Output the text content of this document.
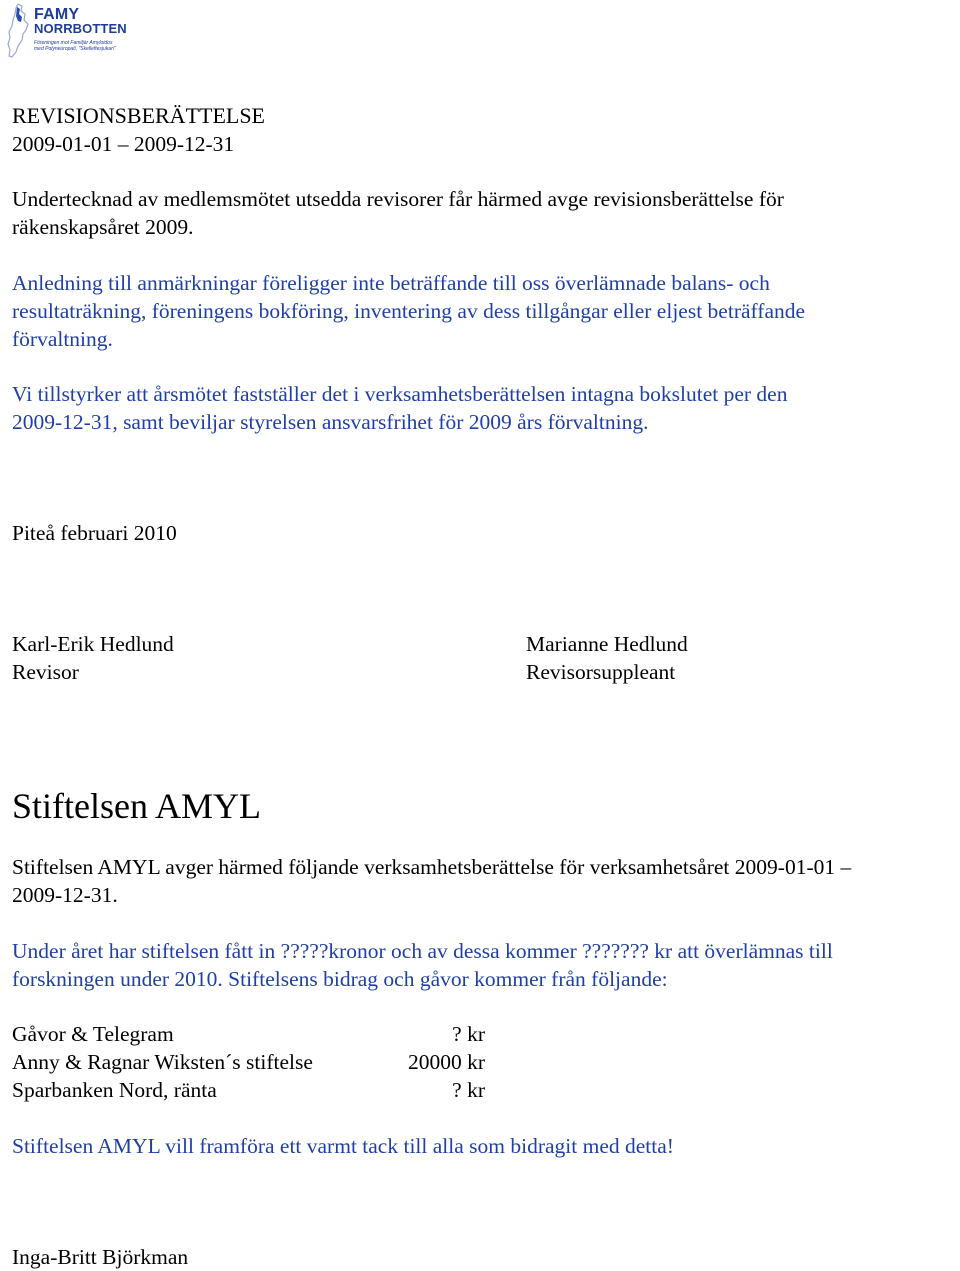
FAMY
NORRBOTTEN
Föreningen mot Familjär Amyloidos
med Polyneuropati, "Skelleftesjukan"
REVISIONSBERÄTTELSE
2009-01-01 – 2009-12-31
Undertecknad av medlemsmötet utsedda revisorer får härmed avge revisionsberättelse för
räkenskapsåret 2009.
Anledning till anmärkningar föreligger inte beträffande till oss överlämnade balans- och
resultaträkning, föreningens bokföring, inventering av dess tillgångar eller eljest beträffande
förvaltning.
Vi tillstyrker att årsmötet fastställer det i verksamhetsberättelsen intagna bokslutet per den
2009-12-31, samt beviljar styrelsen ansvarsfrihet för 2009 års förvaltning.
Piteå februari 2010
Karl-Erik Hedlund
Revisor
Marianne Hedlund
Revisorsuppleant
Stiftelsen AMYL
Stiftelsen AMYL avger härmed följande verksamhetsberättelse för verksamhetsåret 2009-01-01 –
2009-12-31.
Under året har stiftelsen fått in ?????kronor och av dessa kommer ??????? kr att överlämnas till
forskningen under 2010. Stiftelsens bidrag och gåvor kommer från följande:
Gåvor & Telegram	? kr
Anny & Ragnar Wiksten´s stiftelse	20000 kr
Sparbanken Nord, ränta	? kr
Stiftelsen AMYL vill framföra ett varmt tack till alla som bidragit med detta!
Inga-Britt Björkman
